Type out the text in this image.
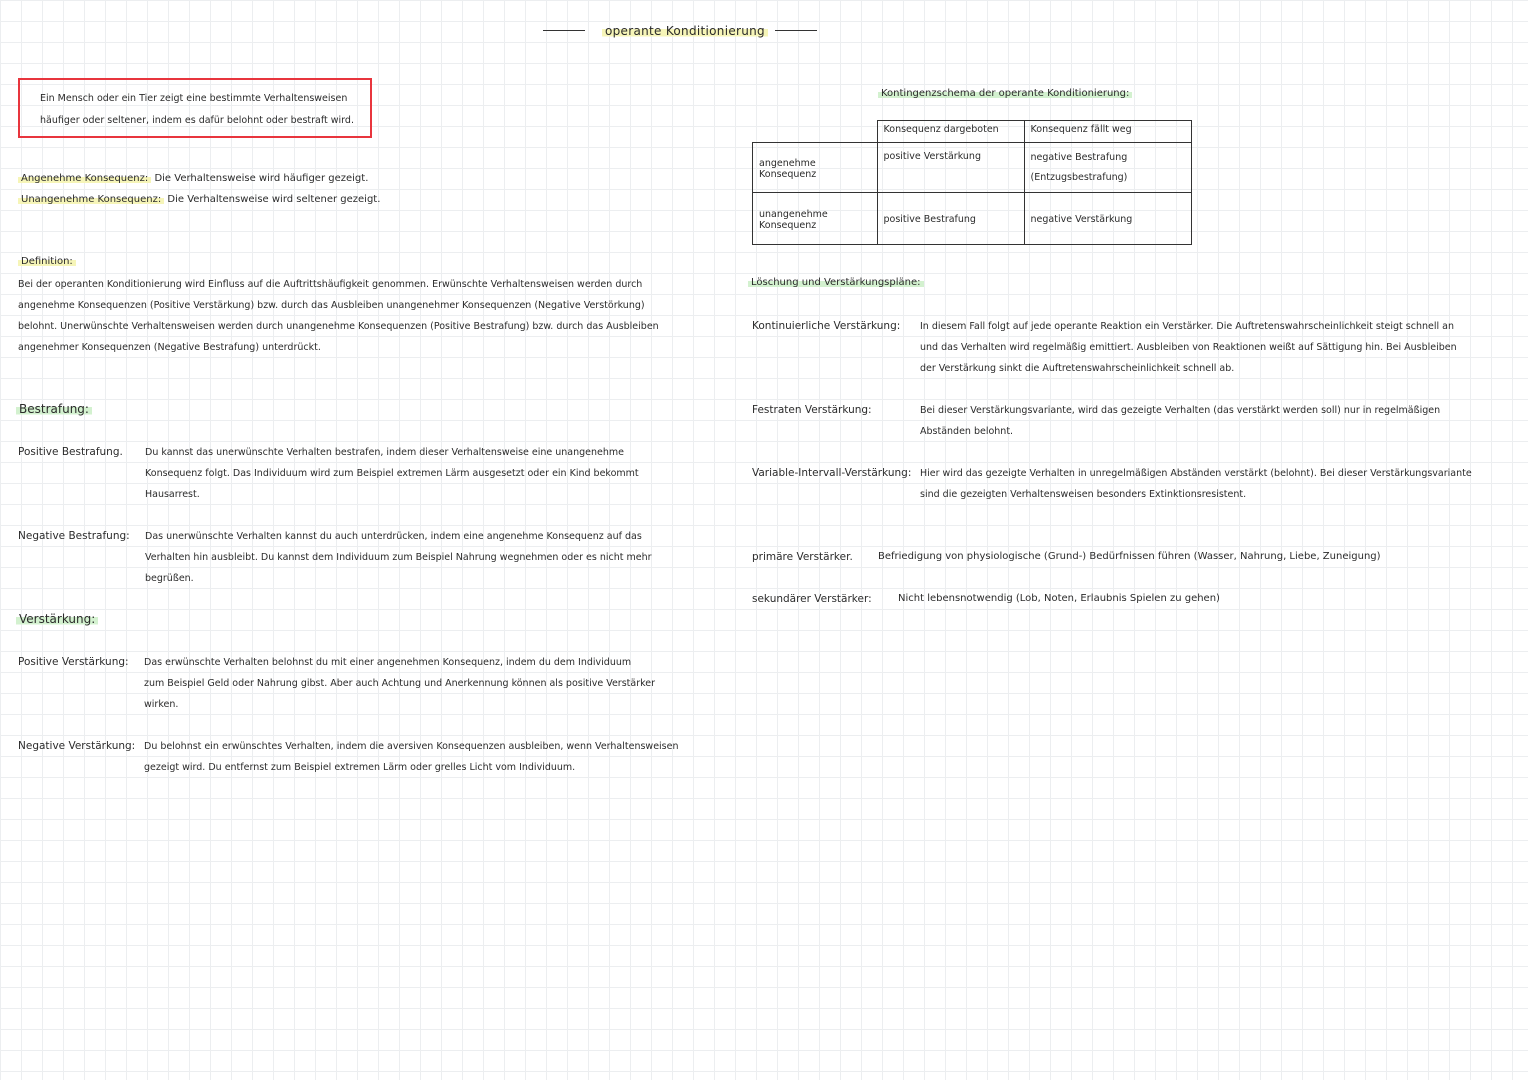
operante Konditionierung
Ein Mensch oder ein Tier zeigt eine bestimmte Verhaltensweisen
häufiger oder seltener, indem es dafür belohnt oder bestraft wird.
Angenehme Konsequenz: Die Verhaltensweise wird häufiger gezeigt.
Unangenehme Konsequenz: Die Verhaltensweise wird seltener gezeigt.
Definition:
Bei der operanten Konditionierung wird Einfluss auf die Auftrittshäufigkeit genommen. Erwünschte Verhaltensweisen werden durch
angenehme Konsequenzen (Positive Verstärkung) bzw. durch das Ausbleiben unangenehmer Konsequenzen (Negative Verstörkung)
belohnt. Unerwünschte Verhaltensweisen werden durch unangenehme Konsequenzen (Positive Bestrafung) bzw. durch das Ausbleiben
angenehmer Konsequenzen (Negative Bestrafung) unterdrückt.
Bestrafung:
Positive Bestrafung. Du kannst das unerwünschte Verhalten bestrafen, indem dieser Verhaltensweise eine unangenehme
Konsequenz folgt. Das Individuum wird zum Beispiel extremen Lärm ausgesetzt oder ein Kind bekommt
Hausarrest.
Negative Bestrafung: Das unerwünschte Verhalten kannst du auch unterdrücken, indem eine angenehme Konsequenz auf das
Verhalten hin ausbleibt. Du kannst dem Individuum zum Beispiel Nahrung wegnehmen oder es nicht mehr
begrüßen.
Verstärkung:
Positive Verstärkung: Das erwünschte Verhalten belohnst du mit einer angenehmen Konsequenz, indem du dem Individuum
zum Beispiel Geld oder Nahrung gibst. Aber auch Achtung und Anerkennung können als positive Verstärker
wirken.
Negative Verstärkung: Du belohnst ein erwünschtes Verhalten, indem die aversiven Konsequenzen ausbleiben, wenn Verhaltensweisen
gezeigt wird. Du entfernst zum Beispiel extremen Lärm oder grelles Licht vom Individuum.
Kontingenzschema der operante Konditionierung:
	Konsequenz dargeboten	Konsequenz fällt weg
angenehme Konsequenz	positive Verstärkung	negative Bestrafung
(Entzugsbestrafung)

unangenehme Konsequenz	positive Bestrafung	negative Verstärkung
Löschung und Verstärkungspläne:
Kontinuierliche Verstärkung: In diesem Fall folgt auf jede operante Reaktion ein Verstärker. Die Auftretenswahrscheinlichkeit steigt schnell an
und das Verhalten wird regelmäßig emittiert. Ausbleiben von Reaktionen weißt auf Sättigung hin. Bei Ausbleiben
der Verstärkung sinkt die Auftretenswahrscheinlichkeit schnell ab.
Festraten Verstärkung:	Bei dieser Verstärkungsvariante, wird das gezeigte Verhalten (das verstärkt werden soll) nur in regelmäßigen
Abständen belohnt.
Variable-Intervall-Verstärkung: Hier wird das gezeigte Verhalten in unregelmäßigen Abständen verstärkt (belohnt). Bei dieser Verstärkungsvariante
sind die gezeigten Verhaltensweisen besonders Extinktionsresistent.
primäre Verstärker.	Befriedigung von physiologische (Grund-) Bedürfnissen führen (Wasser, Nahrung, Liebe, Zuneigung)
sekundärer Verstärker:	Nicht lebensnotwendig (Lob, Noten, Erlaubnis Spielen zu gehen)
